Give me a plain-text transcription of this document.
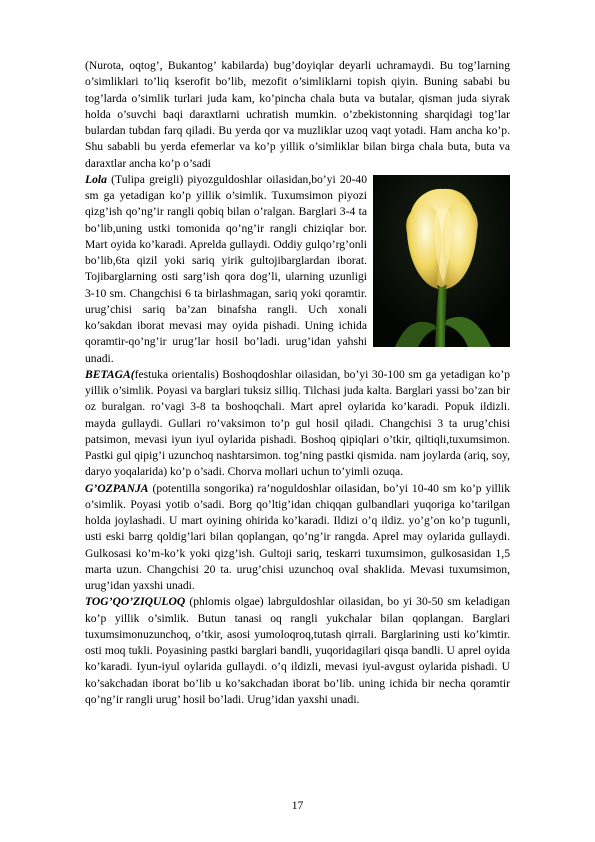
(Nurota, oqtog’, Bukantog’ kabilarda) bug’doyiqlar deyarli uchramaydi. Bu tog’larning o’simliklari to’liq kserofit bo’lib, mezofit o’simliklarni topish qiyin. Buning sababi bu tog’larda o’simlik turlari juda kam, ko’pincha chala buta va butalar, qisman juda siyrak holda o’suvchi baqi daraxtlarni uchratish mumkin. o’zbekistonning sharqidagi tog’lar bulardan tubdan farq qiladi. Bu yerda qor va muzliklar uzoq vaqt yotadi. Ham ancha ko’p. Shu sababli bu yerda efemerlar va ko’p yillik o’simliklar bilan birga chala buta, buta va daraxtlar ancha ko’p o’sadi

Lola (Tulipa greigli) piyozguldoshlar oilasidan,bo’yi 20-40 sm ga yetadigan ko’p yillik o’simlik. Tuxumsimon piyozi qizg’ish qo’ng’ir rangli qobiq bilan o’ralgan. Barglari 3-4 ta bo’lib,uning ustki tomonida qo’ng’ir rangli chiziqlar bor. Mart oyida ko’karadi. Aprelda gullaydi. Oddiy gulqo’rg’onli bo’lib,6ta qizil yoki sariq yirik gultojibarglardan iborat. Tojibarglarning osti sarg’ish qora dog’li, ularning uzunligi 3-10 sm. Changchisi 6 ta birlashmagan, sariq yoki qoramtir. urug’chisi sariq ba’zan binafsha rangli. Uch xonali ko’sakdan iborat mevasi may oyida pishadi. Uning ichida qoramtir-qo’ng’ir urug’lar hosil bo’ladi. urug’idan yahshi unadi.

BETAGA(festuka orientalis) Boshoqdoshlar oilasidan, bo’yi 30-100 sm ga yetadigan ko’p yillik o’simlik. Poyasi va barglari tuksiz silliq. Tilchasi juda kalta. Barglari yassi bo’zan bir oz buralgan. ro’vagi 3-8 ta boshoqchali. Mart aprel oylarida ko’karadi. Popuk ildizli. mayda gullaydi. Gullari ro’vaksimon to’p gul hosil qiladi. Changchisi 3 ta urug’chisi patsimon, mevasi iyun iyul oylarida pishadi. Boshoq qipiqlari o’tkir, qiltiqli,tuxumsimon. Pastki gul qipig’i uzunchoq nashtarsimon. tog’ning pastki qismida. nam joylarda (ariq, soy, daryo yoqalarida) ko’p o’sadi. Chorva mollari uchun to’yimli ozuqa.

G’OZPANJA (potentilla songorika) ra’noguldoshlar oilasidan, bo’yi 10-40 sm ko’p yillik o’simlik. Poyasi yotib o’sadi. Borg qo’ltig’idan chiqqan gulbandlari yuqoriga ko’tarilgan holda joylashadi. U mart oyining ohirida ko’karadi. Ildizi o’q ildiz. yo’g’on ko’p tugunli, usti eski barrg qoldig’lari bilan qoplangan, qo’ng’ir rangda. Aprel may oylarida gullaydi. Gulkosasi ko’m-ko’k yoki qizg’ish. Gultoji sariq, teskarri tuxumsimon, gulkosasidan 1,5 marta uzun. Changchisi 20 ta. urug’chisi uzunchoq oval shaklida. Mevasi tuxumsimon, urug’idan yaxshi unadi.

TOG’QO’ZIQULOQ (phlomis olgae) labrguldoshlar oilasidan, bo yi 30-50 sm keladigan ko’p yillik o’simlik. Butun tanasi oq rangli yukchalar bilan qoplangan. Barglari tuxumsimonuzunchoq, o’tkir, asosi yumoloqroq,tutash qirrali. Barglarining usti ko’kimtir. osti moq tukli. Poyasining pastki barglari bandli, yuqoridagilari qisqa bandli. U aprel oyida ko’karadi. Iyun-iyul oylarida gullaydi. o’q ildizli, mevasi iyul-avgust oylarida pishadi. U ko’sakchadan iborat bo’lib u ko’sakchadan iborat bo’lib. uning ichida bir necha qoramtir qo’ng’ir rangli urug’ hosil bo’ladi. Urug’idan yaxshi unadi.

17
